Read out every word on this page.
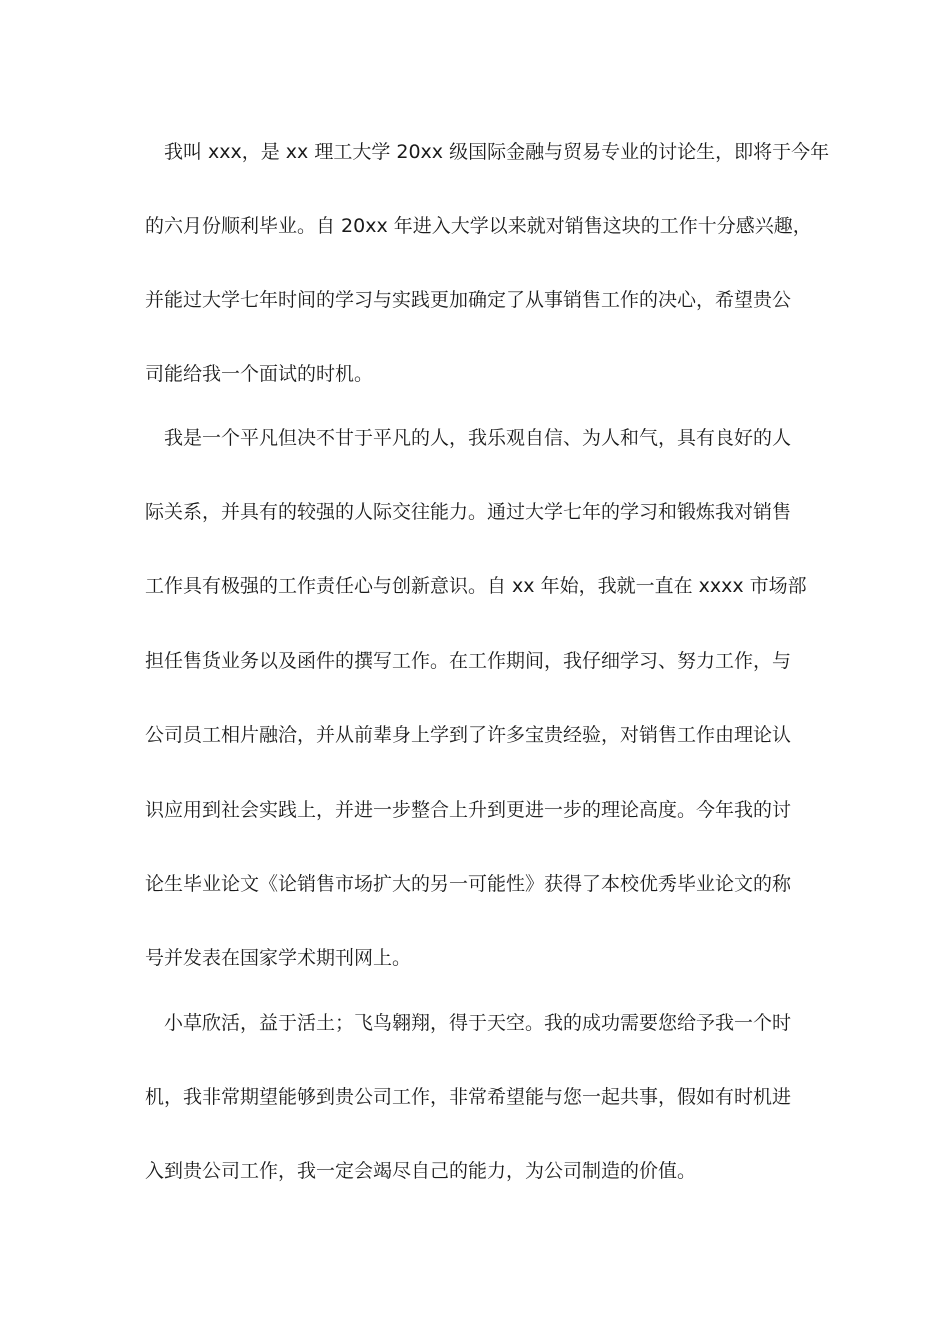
我叫 xxx，是 xx 理工大学 20xx 级国际金融与贸易专业的讨论生，即将于今年
的六月份顺利毕业。自 20xx 年进入大学以来就对销售这块的工作十分感兴趣，
并能过大学七年时间的学习与实践更加确定了从事销售工作的决心，希望贵公
司能给我一个面试的时机。
我是一个平凡但决不甘于平凡的人，我乐观自信、为人和气，具有良好的人
际关系，并具有的较强的人际交往能力。通过大学七年的学习和锻炼我对销售
工作具有极强的工作责任心与创新意识。自 xx 年始，我就一直在 xxxx 市场部
担任售货业务以及函件的撰写工作。在工作期间，我仔细学习、努力工作，与
公司员工相片融洽，并从前辈身上学到了许多宝贵经验，对销售工作由理论认
识应用到社会实践上，并进一步整合上升到更进一步的理论高度。今年我的讨
论生毕业论文《论销售市场扩大的另一可能性》获得了本校优秀毕业论文的称
号并发表在国家学术期刊网上。
小草欣活，益于活土；飞鸟翱翔，得于天空。我的成功需要您给予我一个时
机，我非常期望能够到贵公司工作，非常希望能与您一起共事，假如有时机进
入到贵公司工作，我一定会竭尽自己的能力，为公司制造的价值。
